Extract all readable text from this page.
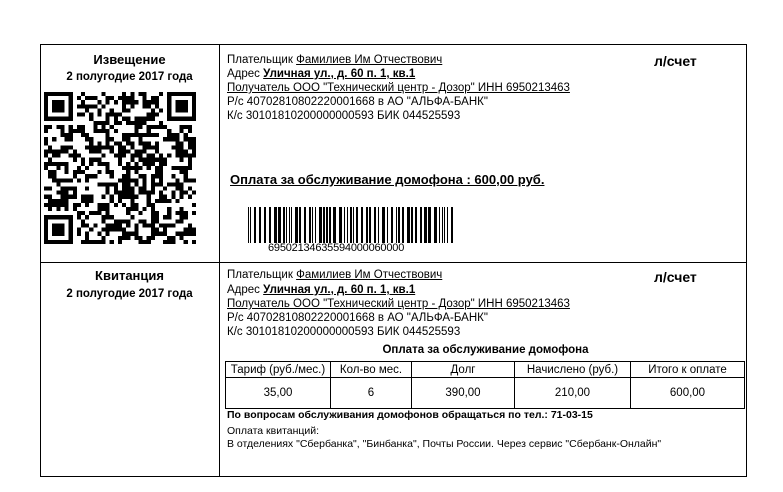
Извещение
2 полугодие 2017 года
Плательщик Фамилиев Им Отчествович	л/счет
Адрес Уличная ул., д. 60 п. 1, кв.1
Получатель ООО "Технический центр - Дозор" ИНН 6950213463
Р/с 40702810802220001668 в АО "АЛЬФА-БАНК"
К/с 30101810200000000593 БИК 044525593
Оплата за обслуживание домофона : 600,00 руб.
69502134635594000060000
Квитанция
2 полугодие 2017 года
Плательщик Фамилиев Им Отчествович	л/счет
Адрес Уличная ул., д. 60 п. 1, кв.1
Получатель ООО "Технический центр - Дозор" ИНН 6950213463
Р/с 40702810802220001668 в АО "АЛЬФА-БАНК"
К/с 30101810200000000593 БИК 044525593
Оплата за обслуживание домофона
Тариф (руб./мес.)	Кол-во мес.	Долг	Начислено (руб.)	Итого к оплате
35,00	6	390,00	210,00	600,00
По вопросам обслуживания домофонов обращаться по тел.: 71-03-15
Оплата квитанций:
В отделениях "Сбербанка", "Бинбанка", Почты России. Через сервис "Сбербанк-Онлайн"
